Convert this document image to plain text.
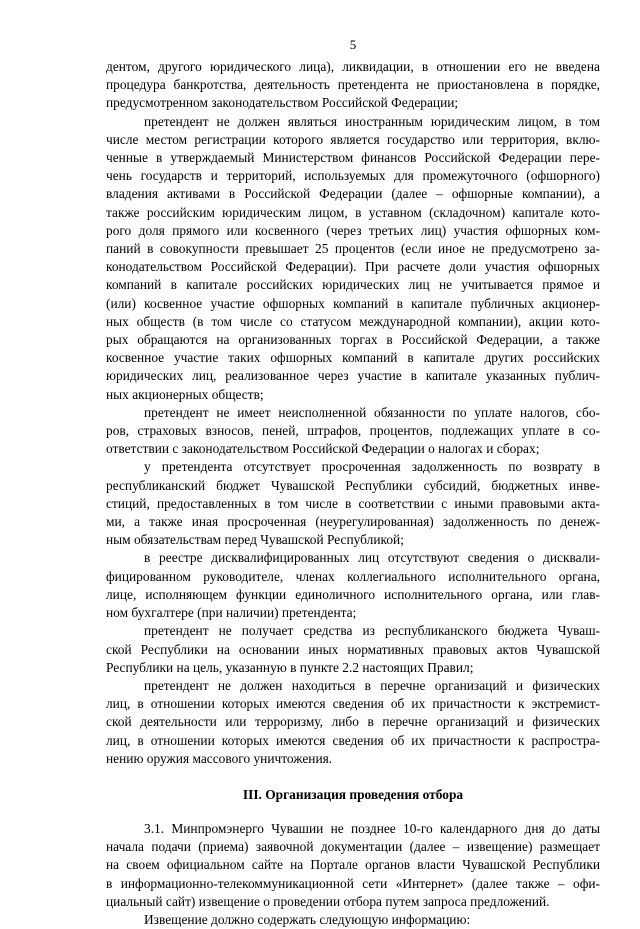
5
дентом, другого юридического лица), ликвидации, в отношении его не введена
процедура банкротства, деятельность претендента не приостановлена в порядке,
предусмотренном законодательством Российской Федерации;
претендент не должен являться иностранным юридическим лицом, в том
числе местом регистрации которого является государство или территория, вклю-
ченные в утверждаемый Министерством финансов Российской Федерации пере-
чень государств и территорий, используемых для промежуточного (офшорного)
владения активами в Российской Федерации (далее – офшорные компании), а
также российским юридическим лицом, в уставном (складочном) капитале кото-
рого доля прямого или косвенного (через третьих лиц) участия офшорных ком-
паний в совокупности превышает 25 процентов (если иное не предусмотрено за-
конодательством Российской Федерации). При расчете доли участия офшорных
компаний в капитале российских юридических лиц не учитывается прямое и
(или) косвенное участие офшорных компаний в капитале публичных акционер-
ных обществ (в том числе со статусом международной компании), акции кото-
рых обращаются на организованных торгах в Российской Федерации, а также
косвенное участие таких офшорных компаний в капитале других российских
юридических лиц, реализованное через участие в капитале указанных публич-
ных акционерных обществ;
претендент не имеет неисполненной обязанности по уплате налогов, сбо-
ров, страховых взносов, пеней, штрафов, процентов, подлежащих уплате в со-
ответствии с законодательством Российской Федерации о налогах и сборах;
у претендента отсутствует просроченная задолженность по возврату в
республиканский бюджет Чувашской Республики субсидий, бюджетных инве-
стиций, предоставленных в том числе в соответствии с иными правовыми акта-
ми, а также иная просроченная (неурегулированная) задолженность по денеж-
ным обязательствам перед Чувашской Республикой;
в реестре дисквалифицированных лиц отсутствуют сведения о дисквали-
фицированном руководителе, членах коллегиального исполнительного органа,
лице, исполняющем функции единоличного исполнительного органа, или глав-
ном бухгалтере (при наличии) претендента;
претендент не получает средства из республиканского бюджета Чуваш-
ской Республики на основании иных нормативных правовых актов Чувашской
Республики на цель, указанную в пункте 2.2 настоящих Правил;
претендент не должен находиться в перечне организаций и физических
лиц, в отношении которых имеются сведения об их причастности к экстремист-
ской деятельности или терроризму, либо в перечне организаций и физических
лиц, в отношении которых имеются сведения об их причастности к распростра-
нению оружия массового уничтожения.
III. Организация проведения отбора
3.1. Минпромэнерго Чувашии не позднее 10-го календарного дня до даты
начала подачи (приема) заявочной документации (далее – извещение) размещает
на своем официальном сайте на Портале органов власти Чувашской Республики
в информационно-телекоммуникационной сети «Интернет» (далее также – офи-
циальный сайт) извещение о проведении отбора путем запроса предложений.
Извещение должно содержать следующую информацию:
